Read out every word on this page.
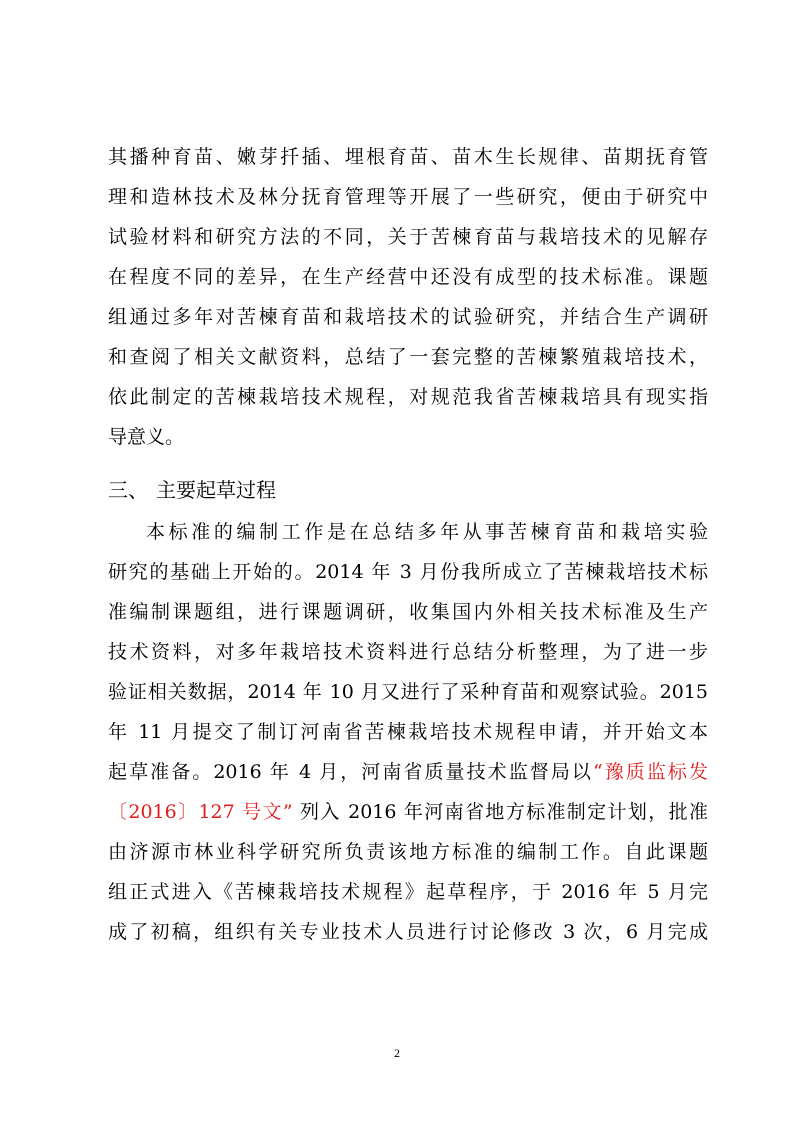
其播种育苗、嫩芽扦插、埋根育苗、苗木生长规律、苗期抚育管
理和造林技术及林分抚育管理等开展了一些研究，便由于研究中
试验材料和研究方法的不同，关于苦楝育苗与栽培技术的见解存
在程度不同的差异，在生产经营中还没有成型的技术标准。课题
组通过多年对苦楝育苗和栽培技术的试验研究，并结合生产调研
和查阅了相关文献资料，总结了一套完整的苦楝繁殖栽培技术，
依此制定的苦楝栽培技术规程，对规范我省苦楝栽培具有现实指
导意义。
三、 主要起草过程
本标准的编制工作是在总结多年从事苦楝育苗和栽培实验
研究的基础上开始的。2014 年 3 月份我所成立了苦楝栽培技术标
准编制课题组，进行课题调研，收集国内外相关技术标准及生产
技术资料，对多年栽培技术资料进行总结分析整理，为了进一步
验证相关数据，2014 年 10 月又进行了采种育苗和观察试验。2015
年 11 月提交了制订河南省苦楝栽培技术规程申请，并开始文本
起草准备。2016 年 4 月，河南省质量技术监督局以“豫质监标发
〔2016〕127 号文” 列入 2016 年河南省地方标准制定计划，批准
由济源市林业科学研究所负责该地方标准的编制工作。自此课题
组正式进入《苦楝栽培技术规程》起草程序，于 2016 年 5 月完
成了初稿，组织有关专业技术人员进行讨论修改 3 次，6 月完成
2
